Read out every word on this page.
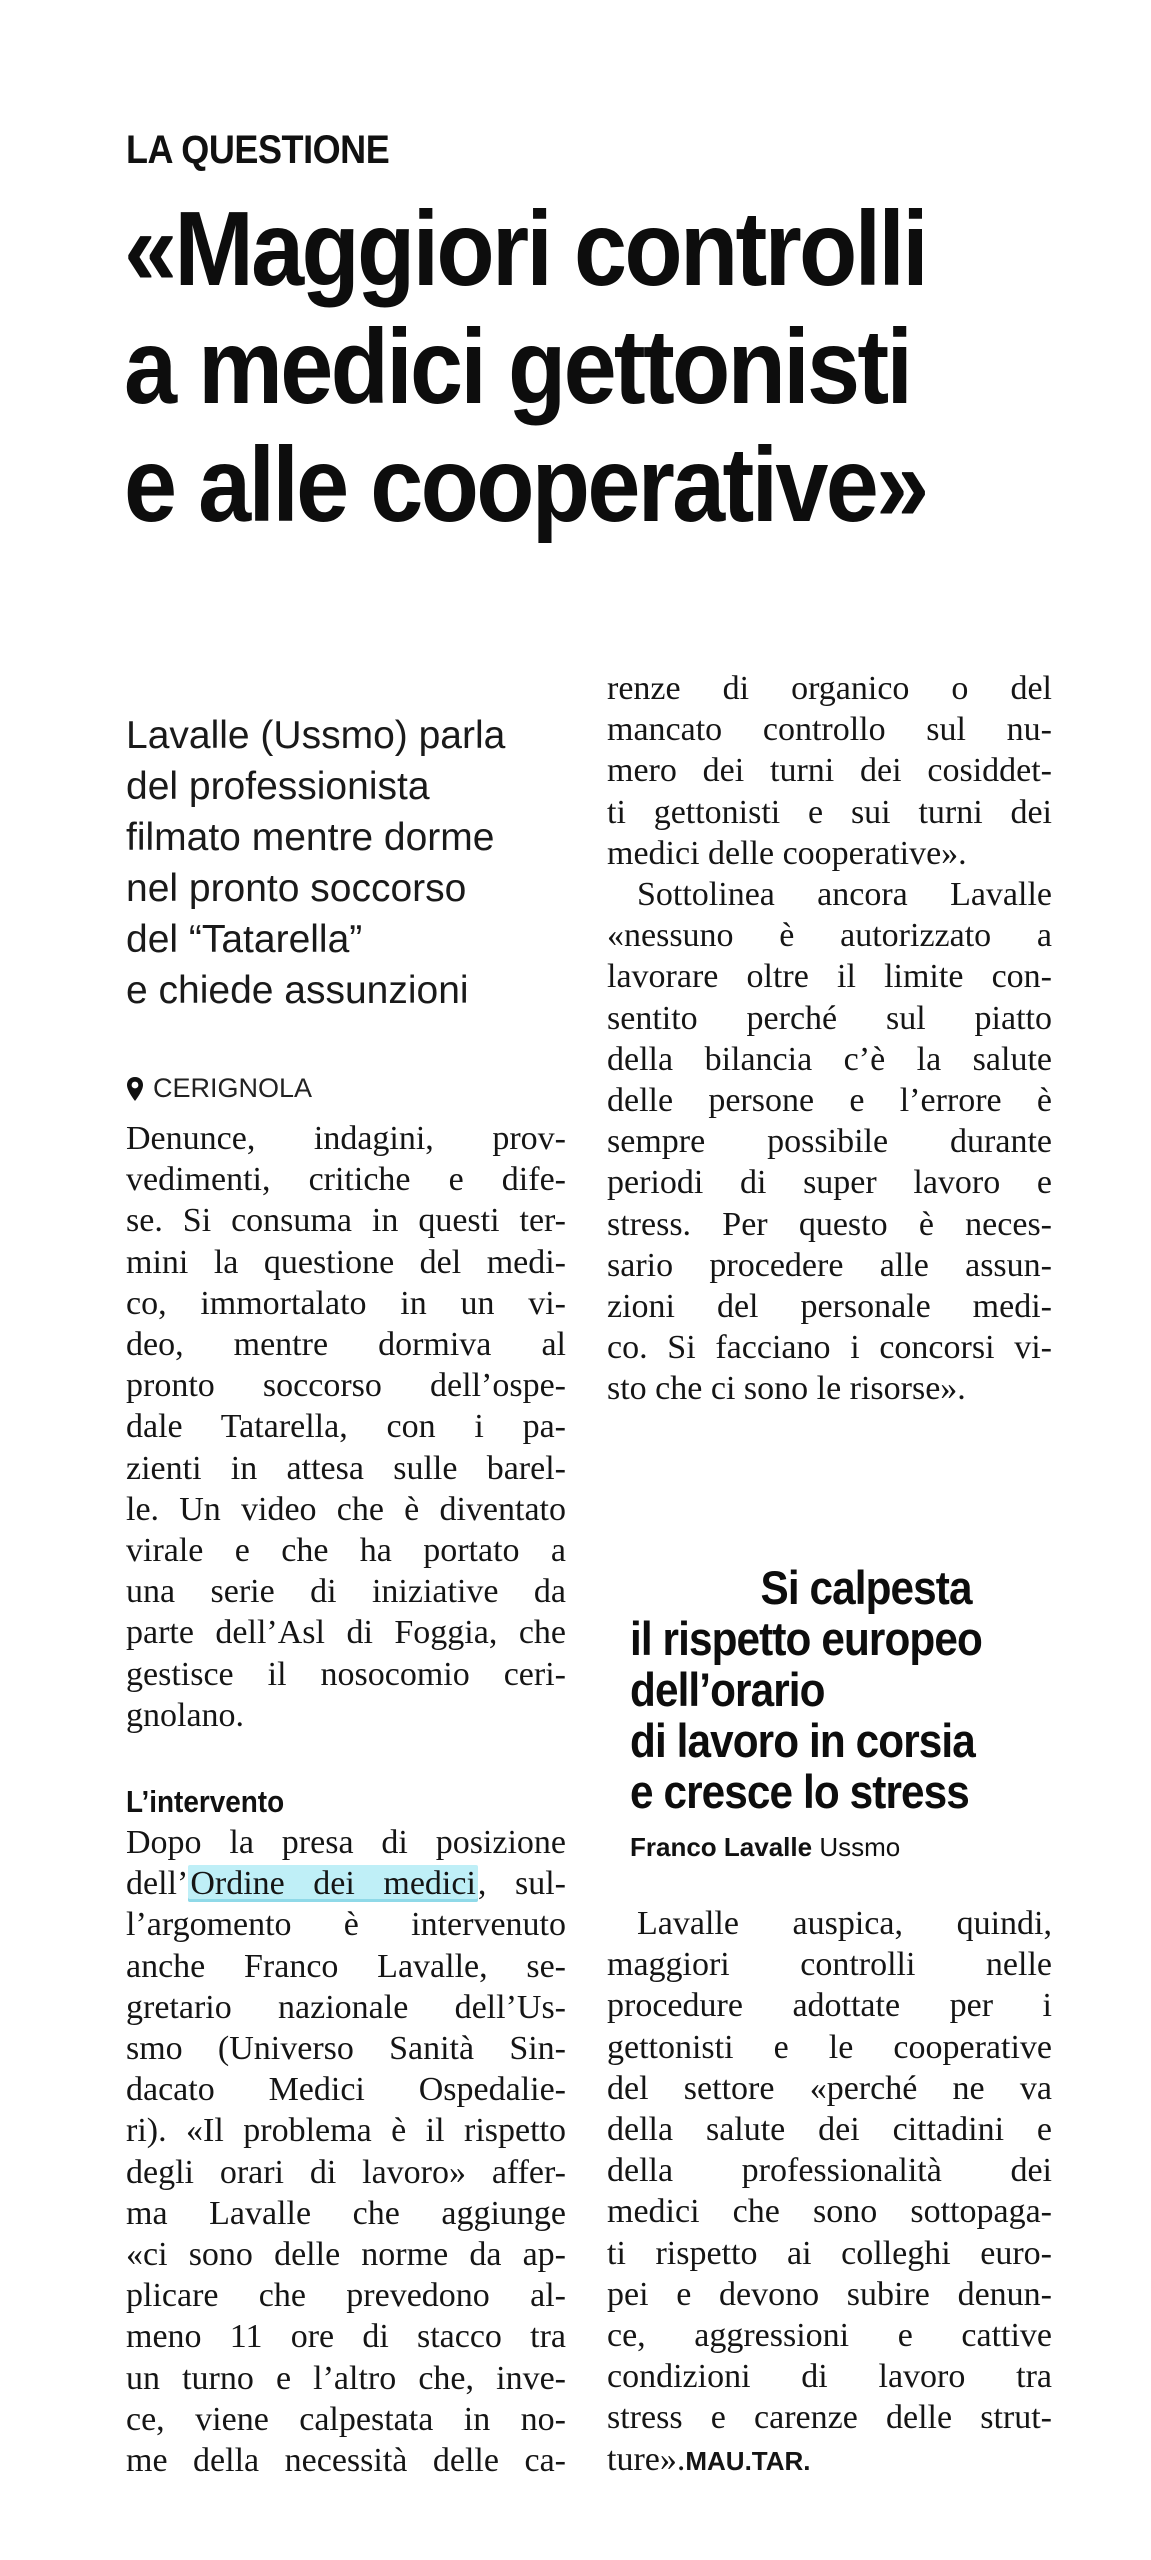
LA QUESTIONE
«Maggiori controlli
a medici gettonisti
e alle cooperative»
Lavalle (Ussmo) parla
del professionista
filmato mentre dorme
nel pronto soccorso
del “Tatarella”
e chiede assunzioni
CERIGNOLA
Denunce, indagini, prov-
vedimenti, critiche e dife-
se. Si consuma in questi ter-
mini la questione del medi-
co, immortalato in un vi-
deo, mentre dormiva al
pronto soccorso dell’ospe-
dale Tatarella, con i pa-
zienti in attesa sulle barel-
le. Un video che è diventato
virale e che ha portato a
una serie di iniziative da
parte dell’Asl di Foggia, che
gestisce il nosocomio ceri-
gnolano.
L’intervento
Dopo la presa di posizione
dell’Ordine dei medici, sul-
l’argomento è intervenuto
anche Franco Lavalle, se-
gretario nazionale dell’Us-
smo (Universo Sanità Sin-
dacato Medici Ospedalie-
ri). «Il problema è il rispetto
degli orari di lavoro» affer-
ma Lavalle che aggiunge
«ci sono delle norme da ap-
plicare che prevedono al-
meno 11 ore di stacco tra
un turno e l’altro che, inve-
ce, viene calpestata in no-
me della necessità delle ca-
renze di organico o del
mancato controllo sul nu-
mero dei turni dei cosiddet-
ti gettonisti e sui turni dei
medici delle cooperative».
Sottolinea ancora Lavalle
«nessuno è autorizzato a
lavorare oltre il limite con-
sentito perché sul piatto
della bilancia c’è la salute
delle persone e l’errore è
sempre possibile durante
periodi di super lavoro e
stress. Per questo è neces-
sario procedere alle assun-
zioni del personale medi-
co. Si facciano i concorsi vi-
sto che ci sono le risorse».
Si calpesta
il rispetto europeo
dell’orario
di lavoro in corsia
e cresce lo stress
Franco Lavalle Ussmo
Lavalle auspica, quindi,
maggiori controlli nelle
procedure adottate per i
gettonisti e le cooperative
del settore «perché ne va
della salute dei cittadini e
della professionalità dei
medici che sono sottopaga-
ti rispetto ai colleghi euro-
pei e devono subire denun-
ce, aggressioni e cattive
condizioni di lavoro tra
stress e carenze delle strut-
ture».MAU.TAR.
